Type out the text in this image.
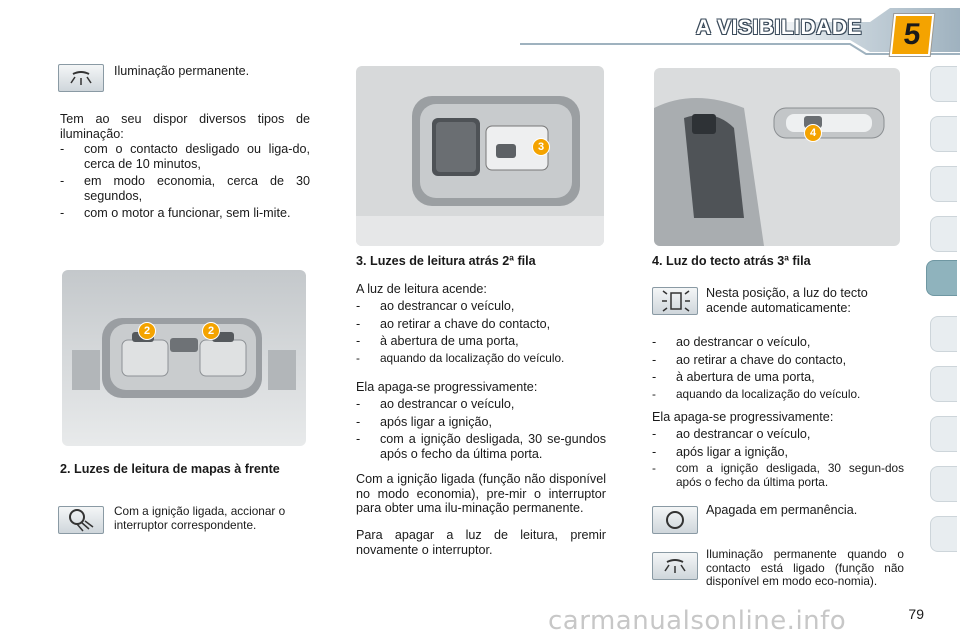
A VISIBILIDADE	5
Iluminação permanente.
Tem ao seu dispor diversos tipos de iluminação:
- com o contacto desligado ou liga-do, cerca de 10 minutos,
- em modo economia, cerca de 30 segundos,
- com o motor a funcionar, sem li-mite.
2	2
2. Luzes de leitura de mapas à frente
Com a ignição ligada, accionar o interruptor correspondente.
3
3. Luzes de leitura atrás 2ª fila
A luz de leitura acende:
- ao destrancar o veículo,
- ao retirar a chave do contacto,
- à abertura de uma porta,
- aquando da localização do veículo.
Ela apaga-se progressivamente:
- ao destrancar o veículo,
- após ligar a ignição,
- com a ignição desligada, 30 se-gundos após o fecho da última porta.
Com a ignição ligada (função não disponível no modo economia), pre-mir o interruptor para obter uma ilu-minação permanente.
Para apagar a luz de leitura, premir novamente o interruptor.
4
4. Luz do tecto atrás 3ª fila
Nesta posição, a luz do tecto acende automaticamente:
- ao destrancar o veículo,
- ao retirar a chave do contacto,
- à abertura de uma porta,
- aquando da localização do veículo.
Ela apaga-se progressivamente:
- ao destrancar o veículo,
- após ligar a ignição,
- com a ignição desligada, 30 segun-dos após o fecho da última porta.
Apagada em permanência.
Iluminação permanente quando o contacto está ligado (função não disponível em modo eco-nomia).
carmanualsonline.info	79
